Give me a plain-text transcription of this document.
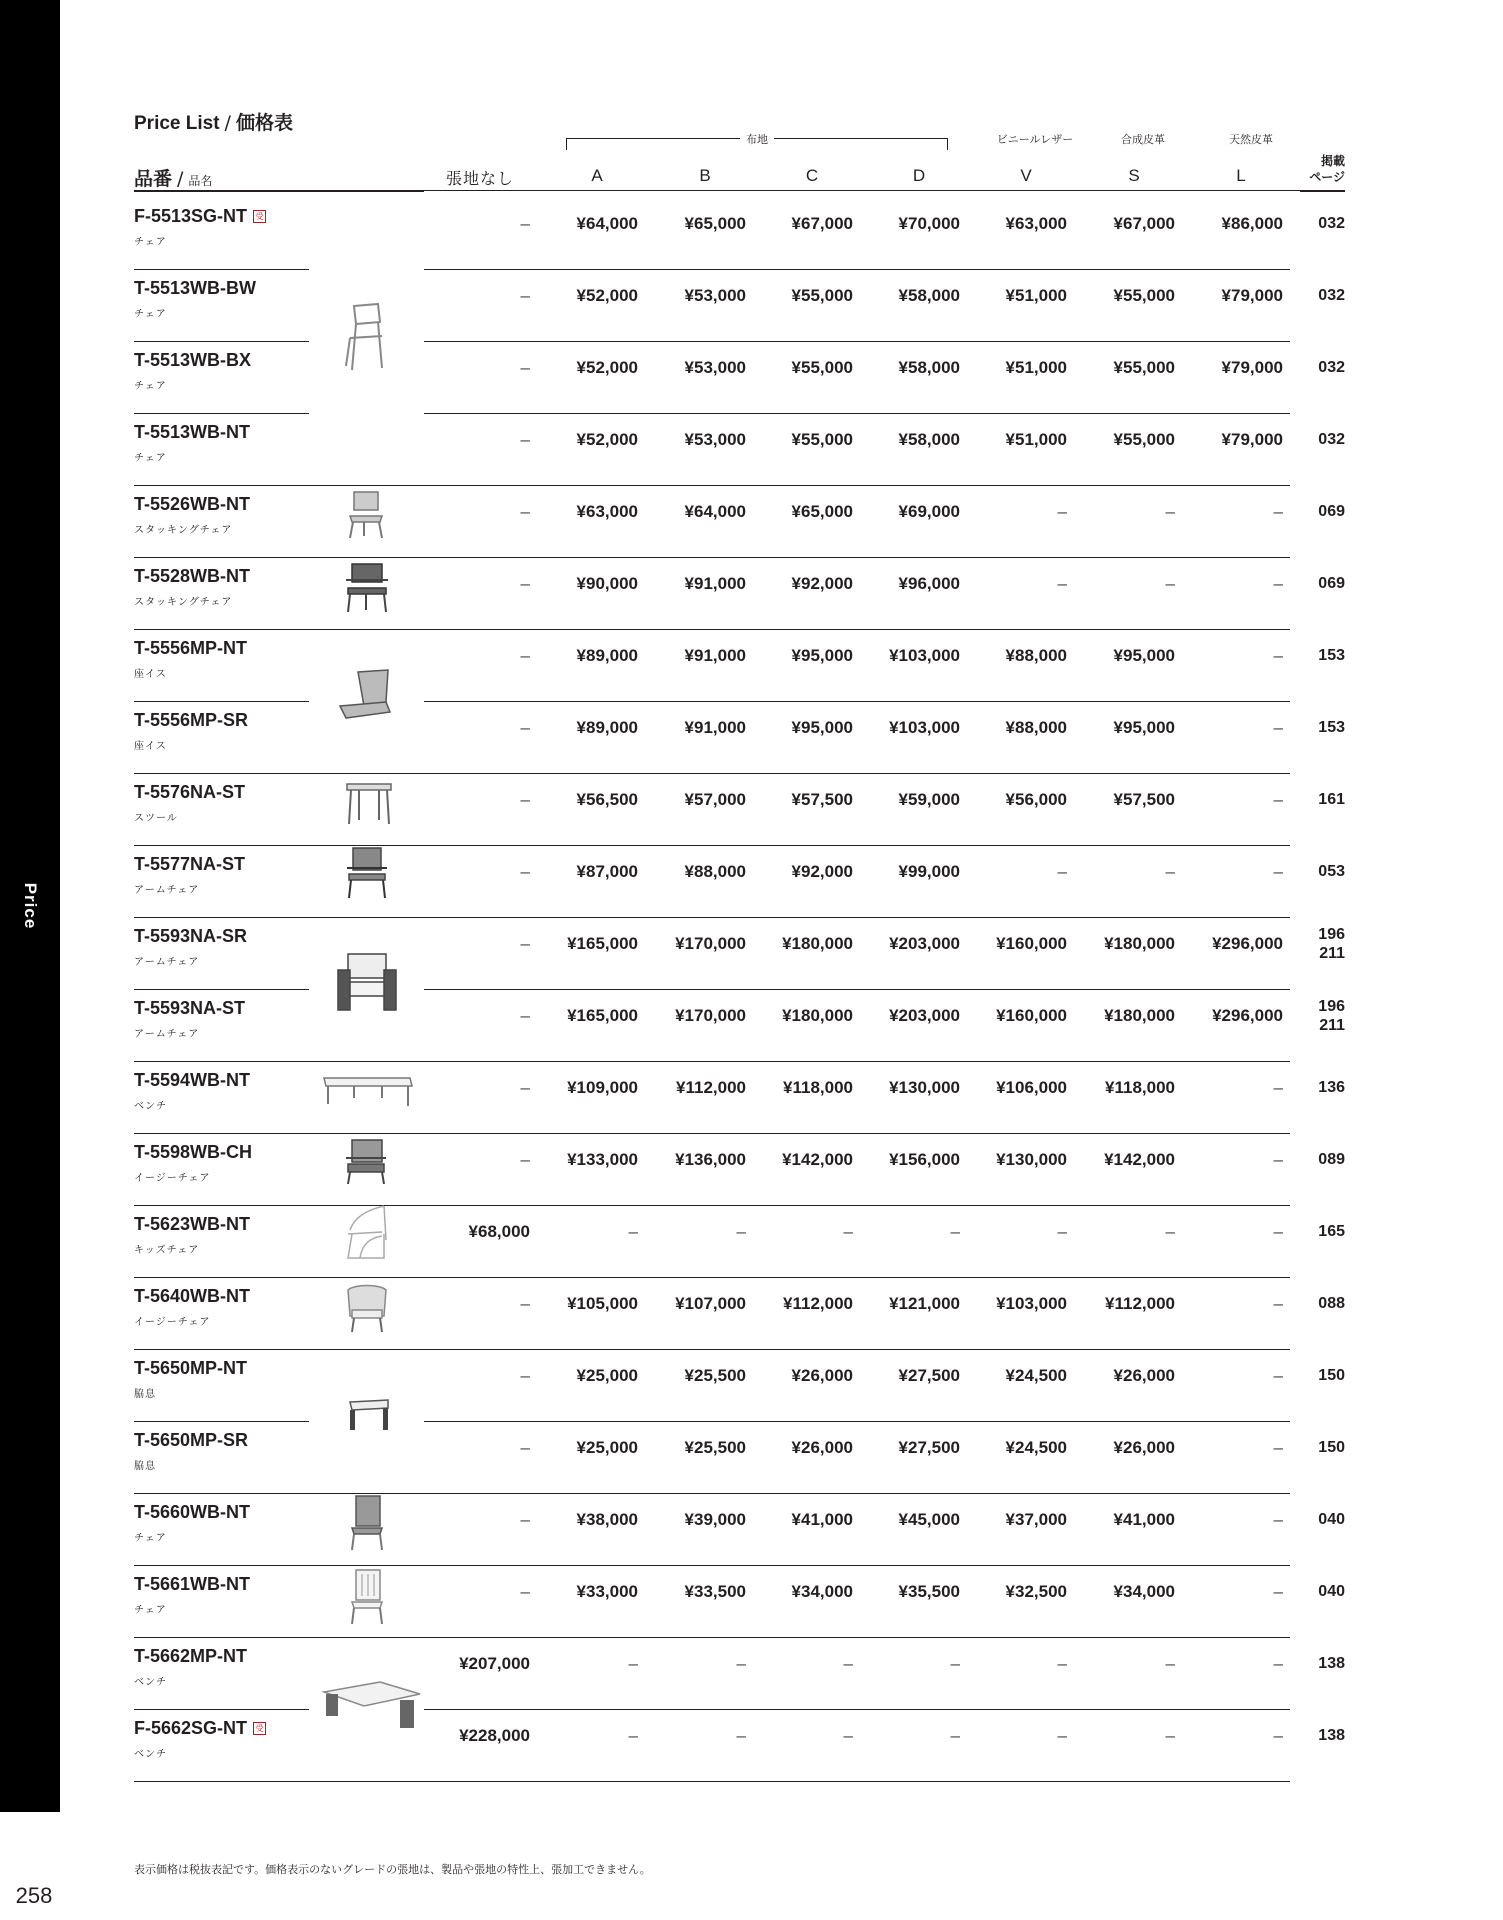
Price
Price List / 価格表
品番 / 品名
布地	ビニールレザー	合成皮革	天然皮革
張地なし	A	B	C	D	V	S	L
掲載
ページ
F-5513SG-NT	受
チェア
–	¥64,000	¥65,000	¥67,000	¥70,000	¥63,000	¥67,000	¥86,000	032
T-5513WB-BW
チェア
–	¥52,000	¥53,000	¥55,000	¥58,000	¥51,000	¥55,000	¥79,000	032
T-5513WB-BX
チェア
–	¥52,000	¥53,000	¥55,000	¥58,000	¥51,000	¥55,000	¥79,000	032
T-5513WB-NT
チェア
–	¥52,000	¥53,000	¥55,000	¥58,000	¥51,000	¥55,000	¥79,000	032
T-5526WB-NT
スタッキングチェア
–	¥63,000	¥64,000	¥65,000	¥69,000	–	–	–	069
T-5528WB-NT
スタッキングチェア
–	¥90,000	¥91,000	¥92,000	¥96,000	–	–	–	069
T-5556MP-NT
座イス
–	¥89,000	¥91,000	¥95,000	¥103,000	¥88,000	¥95,000	–	153
T-5556MP-SR
座イス
–	¥89,000	¥91,000	¥95,000	¥103,000	¥88,000	¥95,000	–	153
T-5576NA-ST
スツール
–	¥56,500	¥57,000	¥57,500	¥59,000	¥56,000	¥57,500	–	161
T-5577NA-ST
アームチェア
–	¥87,000	¥88,000	¥92,000	¥99,000	–	–	–	053
T-5593NA-SR
アームチェア
–	¥165,000	¥170,000	¥180,000	¥203,000	¥160,000	¥180,000	¥296,000	196
211
T-5593NA-ST
アームチェア
–	¥165,000	¥170,000	¥180,000	¥203,000	¥160,000	¥180,000	¥296,000	196
211
T-5594WB-NT
ベンチ
–	¥109,000	¥112,000	¥118,000	¥130,000	¥106,000	¥118,000	–	136
T-5598WB-CH
イージーチェア
–	¥133,000	¥136,000	¥142,000	¥156,000	¥130,000	¥142,000	–	089
T-5623WB-NT
キッズチェア
¥68,000	–	–	–	–	–	–	–	165
T-5640WB-NT
イージーチェア
–	¥105,000	¥107,000	¥112,000	¥121,000	¥103,000	¥112,000	–	088
T-5650MP-NT
脇息
–	¥25,000	¥25,500	¥26,000	¥27,500	¥24,500	¥26,000	–	150
T-5650MP-SR
脇息
–	¥25,000	¥25,500	¥26,000	¥27,500	¥24,500	¥26,000	–	150
T-5660WB-NT
チェア
–	¥38,000	¥39,000	¥41,000	¥45,000	¥37,000	¥41,000	–	040
T-5661WB-NT
チェア
–	¥33,000	¥33,500	¥34,000	¥35,500	¥32,500	¥34,000	–	040
T-5662MP-NT
ベンチ
¥207,000	–	–	–	–	–	–	–	138
F-5662SG-NT	受
ベンチ
¥228,000	–	–	–	–	–	–	–	138
表示価格は税抜表記です。価格表示のないグレードの張地は、製品や張地の特性上、張加工できません。
258
